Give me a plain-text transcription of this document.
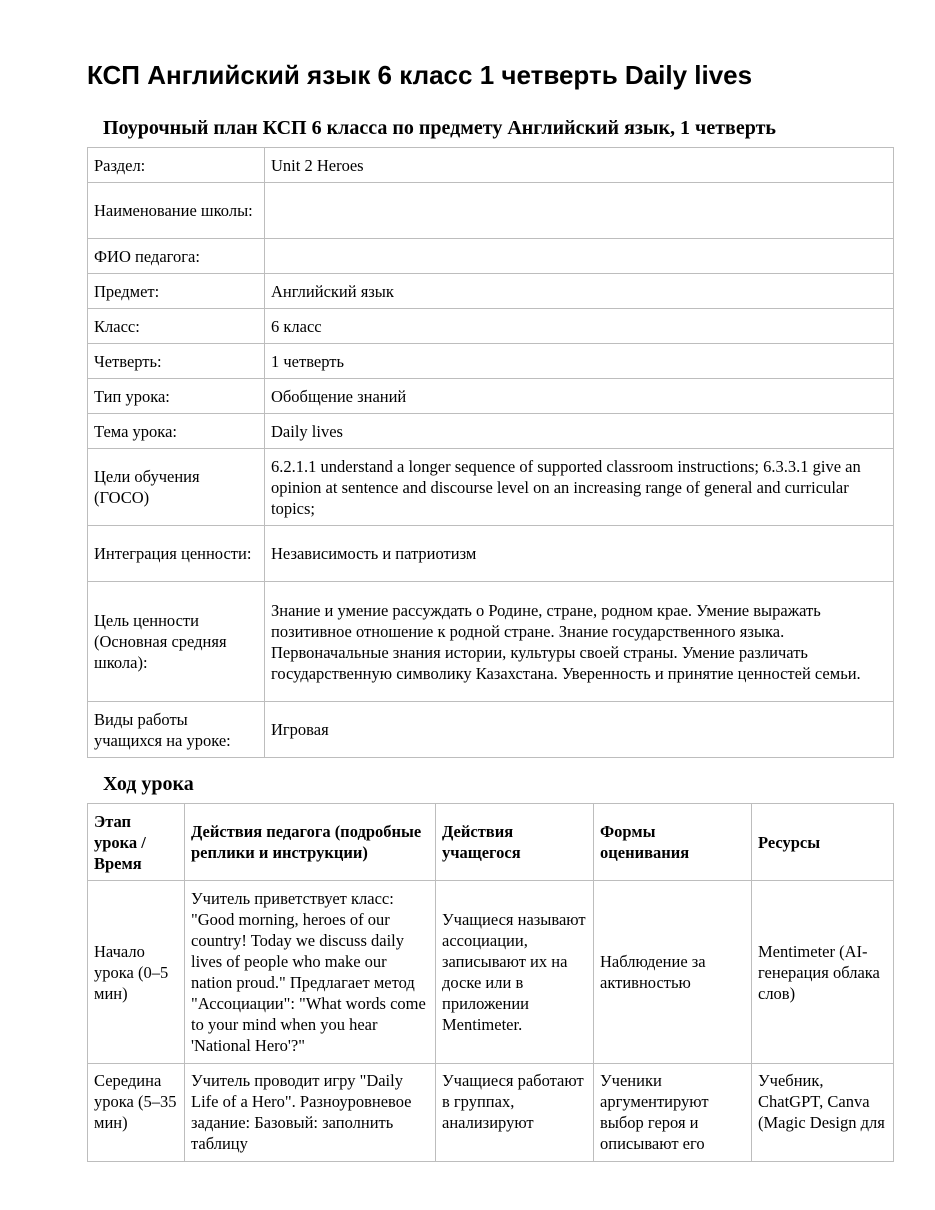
КСП Английский язык 6 класс 1 четверть Daily lives
Поурочный план КСП 6 класса по предмету Английский язык, 1 четверть
Раздел:	Unit 2 Heroes
Наименование школы:	
ФИО педагога:	
Предмет:	Английский язык
Класс:	6 класс
Четверть:	1 четверть
Тип урока:	Обобщение знаний
Тема урока:	Daily lives
Цели обучения (ГОСО)	6.2.1.1 understand a longer sequence of supported classroom instructions; 6.3.3.1 give an opinion at sentence and discourse level on an increasing range of general and curricular topics;
Интеграция ценности:	Независимость и патриотизм
Цель ценности (Основная средняя школа):	Знание и умение рассуждать о Родине, стране, родном крае. Умение выражать позитивное отношение к родной стране. Знание государственного языка. Первоначальные знания истории, культуры своей страны. Умение различать государственную символику Казахстана. Уверенность и принятие ценностей семьи.
Виды работы учащихся на уроке:	Игровая
Ход урока
Этап урока / Время	Действия педагога (подробные реплики и инструкции)	Действия учащегося	Формы оценивания	Ресурсы
Начало урока (0–5 мин)	Учитель приветствует класс: "Good morning, heroes of our country! Today we discuss daily lives of people who make our nation proud." Предлагает метод "Ассоциации": "What words come to your mind when you hear 'National Hero'?"	Учащиеся называют ассоциации, записывают их на доске или в приложении Mentimeter.	Наблюдение за активностью	Mentimeter (AI-генерация облака слов)
Середина урока (5–35 мин)	Учитель проводит игру "Daily Life of a Hero". Разноуровневое задание: Базовый: заполнить таблицу	Учащиеся работают в группах, анализируют	Ученики аргументируют выбор героя и описывают его	Учебник, ChatGPT, Canva (Magic Design для
